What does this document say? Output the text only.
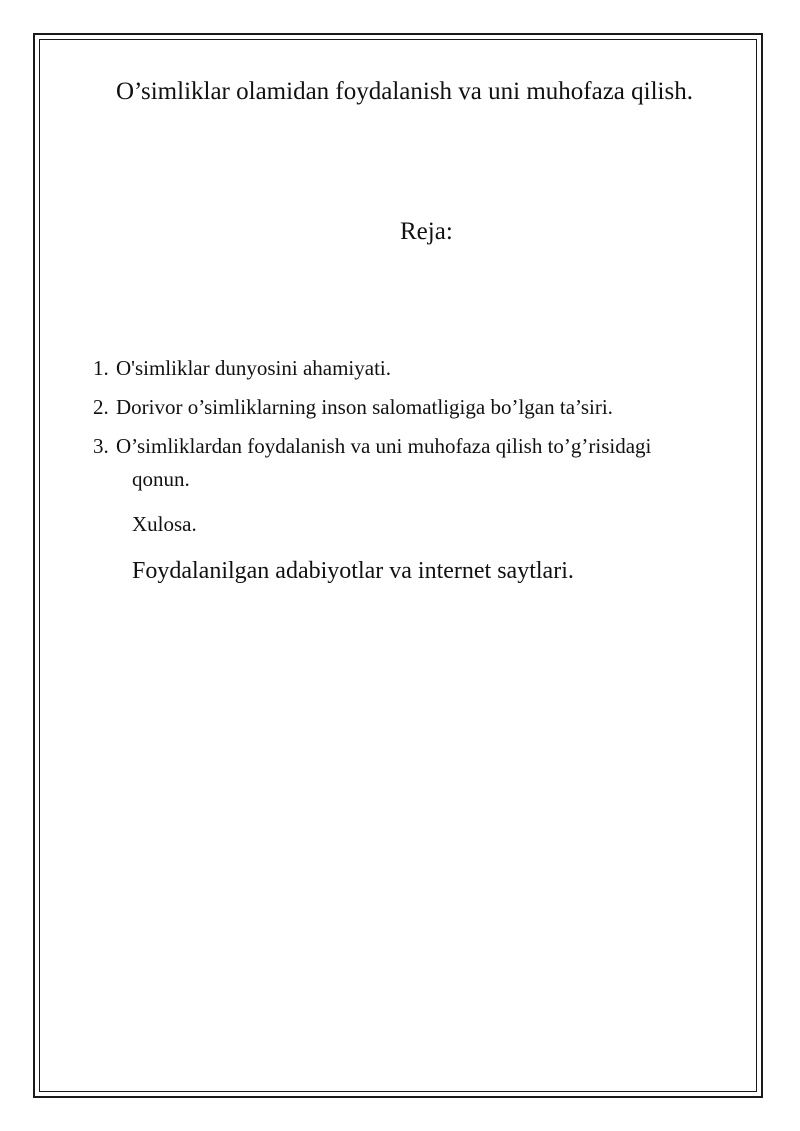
O’simliklar olamidan foydalanish va uni muhofaza qilish.
Reja:
1. O'simliklar dunyosini ahamiyati.
2. Dorivor o’simliklarning inson salomatligiga bo’lgan ta’siri.
3. O’simliklardan foydalanish va uni muhofaza qilish to’g’risidagi
qonun.

Xulosa.

Foydalanilgan adabiyotlar va internet saytlari.
